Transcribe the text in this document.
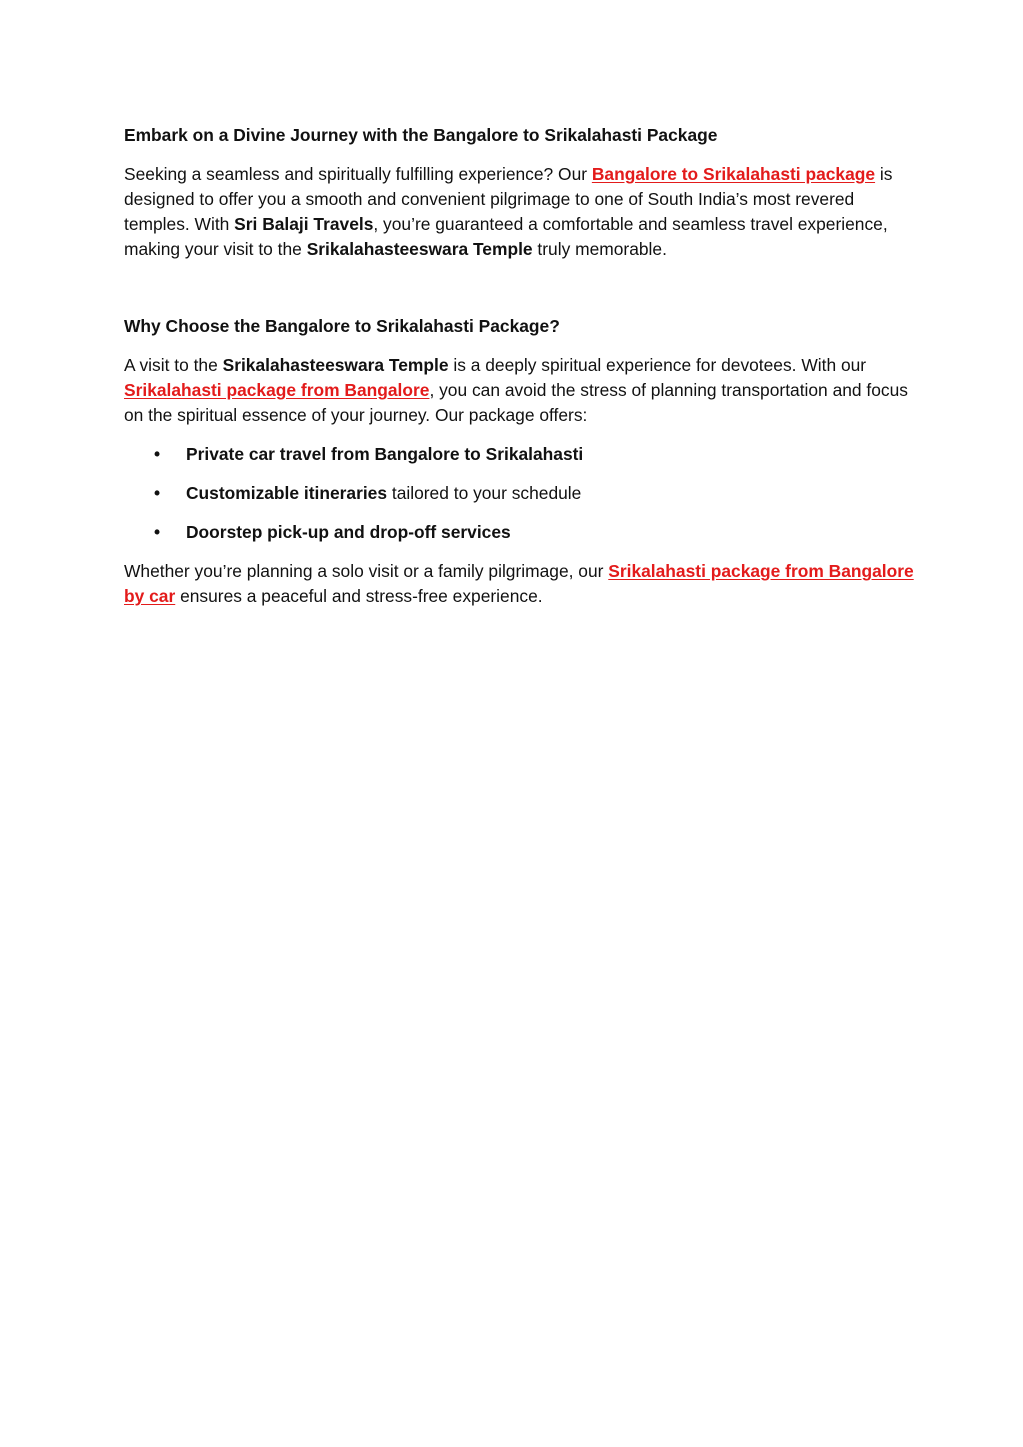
Embark on a Divine Journey with the Bangalore to Srikalahasti Package

Seeking a seamless and spiritually fulfilling experience? Our Bangalore to Srikalahasti package is designed to offer you a smooth and convenient pilgrimage to one of South India’s most revered temples. With Sri Balaji Travels, you’re guaranteed a comfortable and seamless travel experience, making your visit to the Srikalahasteeswara Temple truly memorable.

Why Choose the Bangalore to Srikalahasti Package?

A visit to the Srikalahasteeswara Temple is a deeply spiritual experience for devotees. With our Srikalahasti package from Bangalore, you can avoid the stress of planning transportation and focus on the spiritual essence of your journey. Our package offers:

• Private car travel from Bangalore to Srikalahasti
• Customizable itineraries tailored to your schedule
• Doorstep pick-up and drop-off services

Whether you’re planning a solo visit or a family pilgrimage, our Srikalahasti package from Bangalore by car ensures a peaceful and stress-free experience.
